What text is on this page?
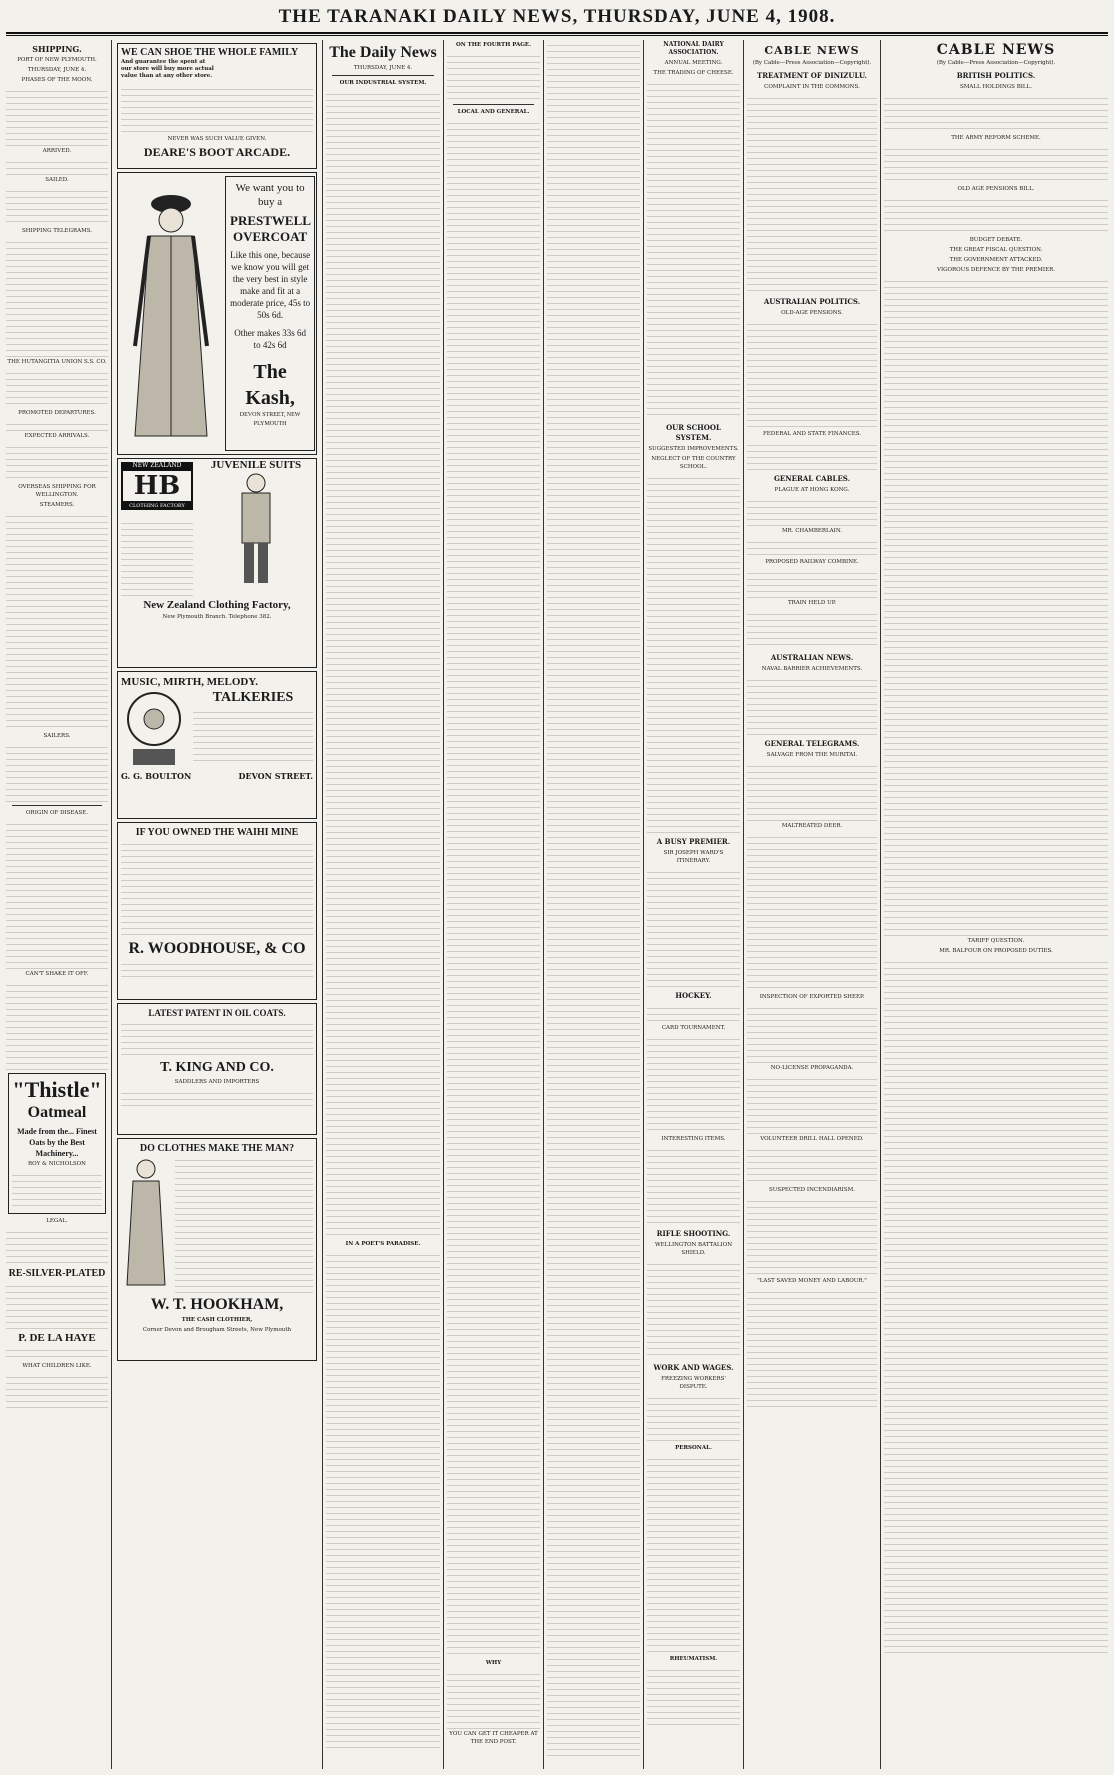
THE TARANAKI DAILY NEWS, THURSDAY, JUNE 4, 1908.
SHIPPING.
PORT OF NEW PLYMOUTH.
THURSDAY, JUNE 4.
PHASES OF THE MOON.
ARRIVED.
SAILED.
SHIPPING TELEGRAMS.
THE HUTANGITIA UNION S.S. CO.
PROMOTED DEPARTURES.
EXPECTED ARRIVALS.
OVERSEAS SHIPPING FOR WELLINGTON.
STEAMERS.
SAILERS.
ORIGIN OF DISEASE.
CAN'T SHAKE IT OFF.
"Thistle"
Oatmeal
Made from the... Finest Oats by the Best Machinery...
ROY & NICHOLSON
LEGAL.
RE-SILVER-PLATED
P. DE LA HAYE
WHAT CHILDREN LIKE.
WE CAN SHOE THE WHOLE FAMILY
And guarantee the spent at our store will buy more actual value than at any other store.
NEVER WAS SUCH VALUE GIVEN.
DEARE'S BOOT ARCADE.
We want you to buy a
PRESTWELL OVERCOAT
Like this one, because we know you will get the very best in style make and fit at a moderate price, 45s to 50s 6d.
Other makes 33s 6d to 42s 6d
The Kash,
DEVON STREET, NEW PLYMOUTH
NEW ZEALAND
HB
CLOTHING FACTORY
JUVENILE SUITS
New Zealand Clothing Factory,
New Plymouth Branch. Telephone 382.
MUSIC, MIRTH, MELODY.
TALKERIES
G. G. BOULTON	DEVON STREET.
IF YOU OWNED THE WAIHI MINE
R. WOODHOUSE, & CO
LATEST PATENT IN OIL COATS.
T. KING AND CO.
SADDLERS AND IMPORTERS
DO CLOTHES MAKE THE MAN?
W. T. HOOKHAM,
THE CASH CLOTHIER,
Corner Devon and Brougham Streets, New Plymouth
The Daily News
THURSDAY, JUNE 4.
OUR INDUSTRIAL SYSTEM.
IN A POET'S PARADISE.
ON THE FOURTH PAGE.
LOCAL AND GENERAL.
WHY
YOU CAN GET IT CHEAPER AT THE END POST.
NATIONAL DAIRY ASSOCIATION.
ANNUAL MEETING.
THE TRADING OF CHEESE.
OUR SCHOOL SYSTEM.
SUGGESTED IMPROVEMENTS.
NEGLECT OF THE COUNTRY SCHOOL.
A BUSY PREMIER.
SIR JOSEPH WARD'S ITINERARY.
HOCKEY.
CARD TOURNAMENT.
INTERESTING ITEMS.
RIFLE SHOOTING.
WELLINGTON BATTALION SHIELD.
WORK AND WAGES.
FREEZING WORKERS' DISPUTE.
PERSONAL.
RHEUMATISM.
CABLE NEWS
(By Cable—Press Association—Copyright).
TREATMENT OF DINIZULU.
COMPLAINT IN THE COMMONS.
AUSTRALIAN POLITICS.
OLD-AGE PENSIONS.
FEDERAL AND STATE FINANCES.
GENERAL CABLES.
PLAGUE AT HONG KONG.
MR. CHAMBERLAIN.
PROPOSED RAILWAY COMBINE.
TRAIN HELD UP.
AUSTRALIAN NEWS.
NAVAL BARRIER ACHIEVEMENTS.
GENERAL TELEGRAMS.
SALVAGE FROM THE MURITAI.
MALTREATED DEER.
INSPECTION OF EXPORTED SHEEP.
NO-LICENSE PROPAGANDA.
VOLUNTEER DRILL HALL OPENED.
SUSPECTED INCENDIARISM.
"LAST SAVED MONEY AND LABOUR."
CABLE NEWS
(By Cable—Press Association—Copyright).
BRITISH POLITICS.
SMALL HOLDINGS BILL.
THE ARMY REFORM SCHEME.
OLD AGE PENSIONS BILL.
BUDGET DEBATE.
THE GREAT FISCAL QUESTION.
THE GOVERNMENT ATTACKED.
VIGOROUS DEFENCE BY THE PREMIER.
TARIFF QUESTION.
MR. BALFOUR ON PROPOSED DUTIES.
